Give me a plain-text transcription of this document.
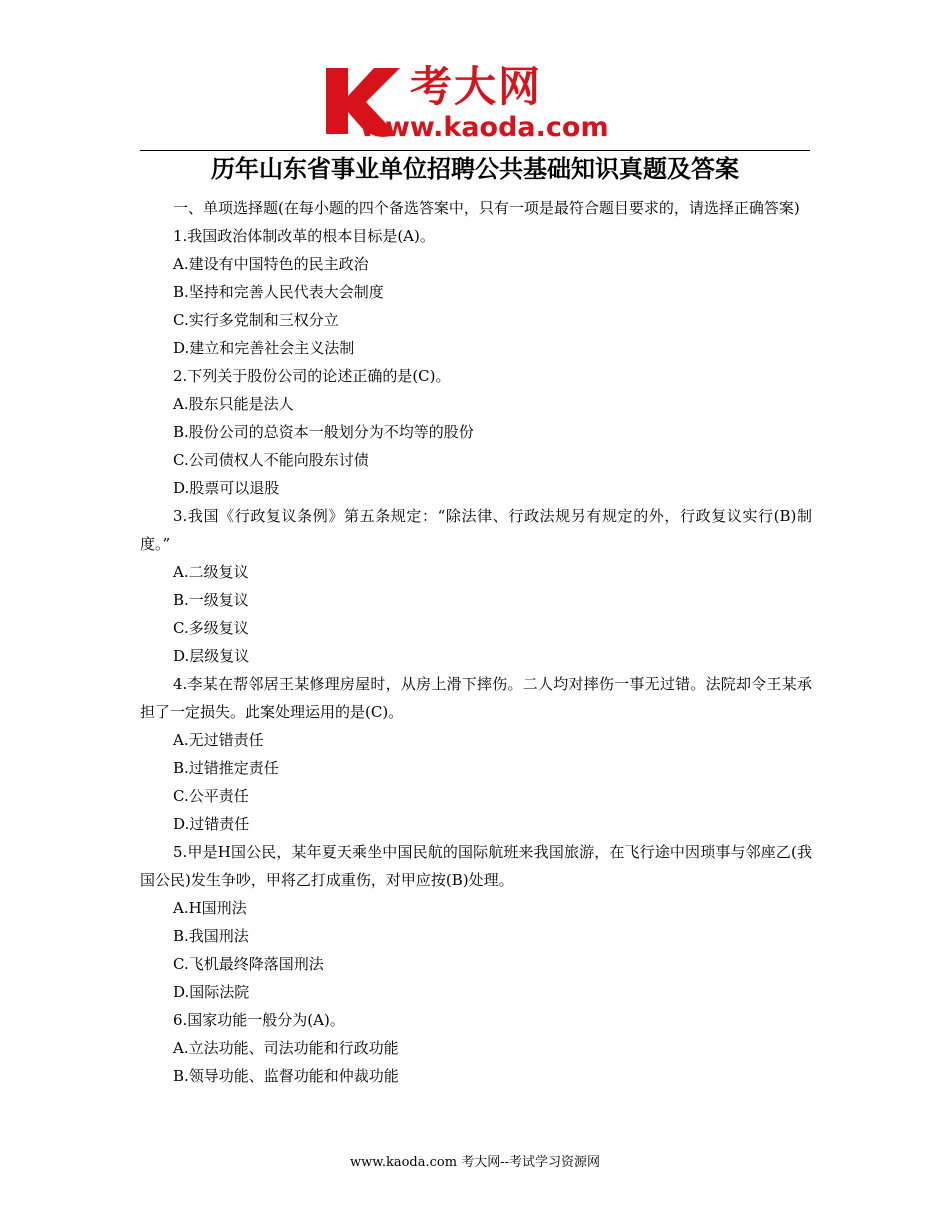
考大网
www.kaoda.com
历年山东省事业单位招聘公共基础知识真题及答案

一、单项选择题(在每小题的四个备选答案中，只有一项是最符合题目要求的，请选择正确答案)

1.我国政治体制改革的根本目标是(A)。

A.建设有中国特色的民主政治

B.坚持和完善人民代表大会制度

C.实行多党制和三权分立

D.建立和完善社会主义法制

2.下列关于股份公司的论述正确的是(C)。

A.股东只能是法人

B.股份公司的总资本一般划分为不均等的股份

C.公司债权人不能向股东讨债

D.股票可以退股

3.我国《行政复议条例》第五条规定：“除法律、行政法规另有规定的外，行政复议实行(B)制度。”

A.二级复议

B.一级复议

C.多级复议

D.层级复议

4.李某在帮邻居王某修理房屋时，从房上滑下摔伤。二人均对摔伤一事无过错。法院却令王某承担了一定损失。此案处理运用的是(C)。

A.无过错责任

B.过错推定责任

C.公平责任

D.过错责任

5.甲是H国公民，某年夏天乘坐中国民航的国际航班来我国旅游，在飞行途中因琐事与邻座乙(我国公民)发生争吵，甲将乙打成重伤，对甲应按(B)处理。

A.H国刑法

B.我国刑法

C.飞机最终降落国刑法

D.国际法院

6.国家功能一般分为(A)。

A.立法功能、司法功能和行政功能

B.领导功能、监督功能和仲裁功能

www.kaoda.com 考大网--考试学习资源网
